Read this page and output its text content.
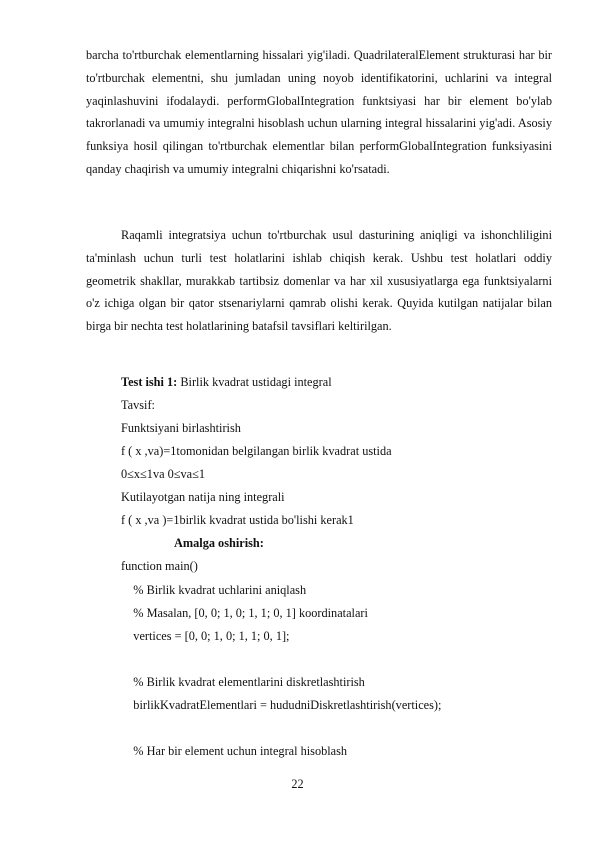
barcha to'rtburchak elementlarning hissalari yig'iladi. QuadrilateralElement strukturasi har bir to'rtburchak elementni, shu jumladan uning noyob identifikatorini, uchlarini va integral yaqinlashuvini ifodalaydi. performGlobalIntegration funktsiyasi har bir element bo'ylab takrorlanadi va umumiy integralni hisoblash uchun ularning integral hissalarini yig'adi. Asosiy funksiya hosil qilingan to'rtburchak elementlar bilan performGlobalIntegration funksiyasini qanday chaqirish va umumiy integralni chiqarishni ko'rsatadi.

Raqamli integratsiya uchun to'rtburchak usul dasturining aniqligi va ishonchliligini ta'minlash uchun turli test holatlarini ishlab chiqish kerak. Ushbu test holatlari oddiy geometrik shakllar, murakkab tartibsiz domenlar va har xil xususiyatlarga ega funktsiyalarni o'z ichiga olgan bir qator stsenariylarni qamrab olishi kerak. Quyida kutilgan natijalar bilan birga bir nechta test holatlarining batafsil tavsiflari keltirilgan.

Test ishi 1: Birlik kvadrat ustidagi integral
Tavsif:
Funktsiyani birlashtirish
f ( x ,va)=1tomonidan belgilangan birlik kvadrat ustida
0≤x≤1va 0≤va≤1
Kutilayotgan natija ning integrali
f ( x ,va )=1birlik kvadrat ustida bo'lishi kerak1
Amalga oshirish:
function main()
% Birlik kvadrat uchlarini aniqlash
% Masalan, [0, 0; 1, 0; 1, 1; 0, 1] koordinatalari
vertices = [0, 0; 1, 0; 1, 1; 0, 1];
% Birlik kvadrat elementlarini diskretlashtirish
birlikKvadratElementlari = hududniDiskretlashtirish(vertices);
% Har bir element uchun integral hisoblash
22
